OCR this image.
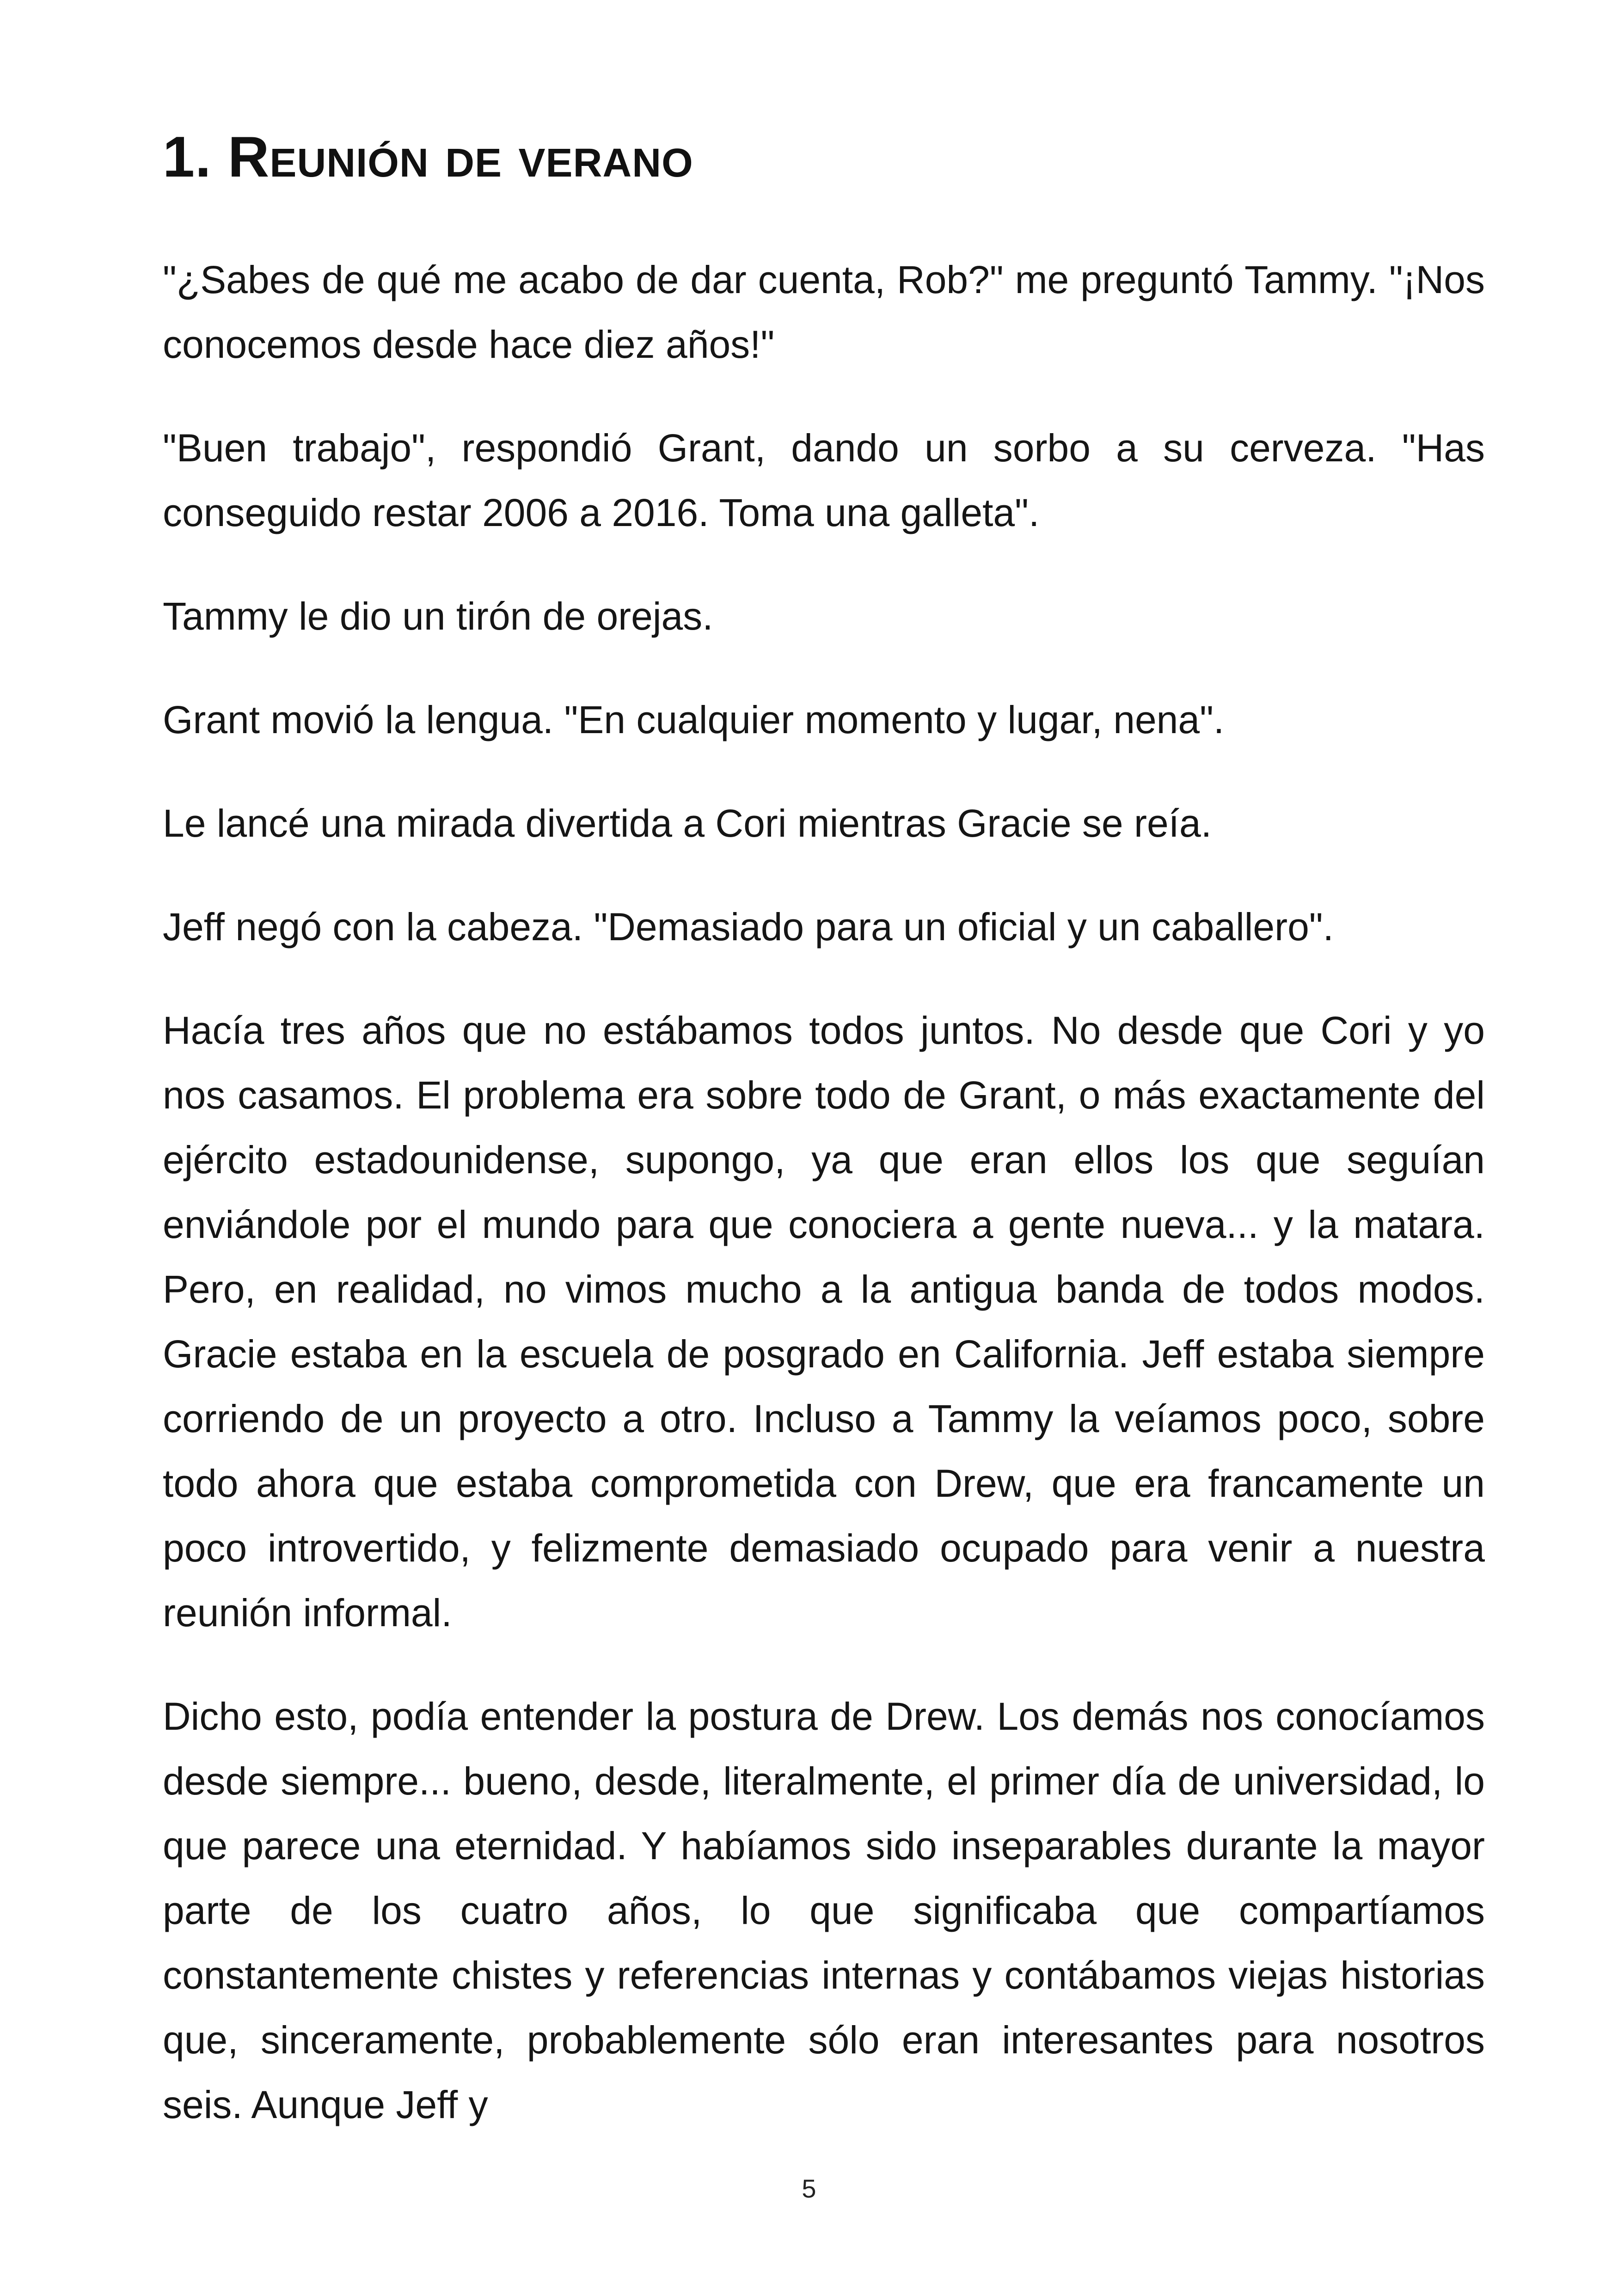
1. Reunión de verano

"¿Sabes de qué me acabo de dar cuenta, Rob?" me preguntó Tammy. "¡Nos conocemos desde hace diez años!"

"Buen trabajo", respondió Grant, dando un sorbo a su cerveza. "Has conseguido restar 2006 a 2016. Toma una galleta".

Tammy le dio un tirón de orejas.

Grant movió la lengua. "En cualquier momento y lugar, nena".

Le lancé una mirada divertida a Cori mientras Gracie se reía.

Jeff negó con la cabeza. "Demasiado para un oficial y un caballero".

Hacía tres años que no estábamos todos juntos. No desde que Cori y yo nos casamos. El problema era sobre todo de Grant, o más exactamente del ejército estadounidense, supongo, ya que eran ellos los que seguían enviándole por el mundo para que conociera a gente nueva... y la matara. Pero, en realidad, no vimos mucho a la antigua banda de todos modos. Gracie estaba en la escuela de posgrado en California. Jeff estaba siempre corriendo de un proyecto a otro. Incluso a Tammy la veíamos poco, sobre todo ahora que estaba comprometida con Drew, que era francamente un poco introvertido, y felizmente demasiado ocupado para venir a nuestra reunión informal.

Dicho esto, podía entender la postura de Drew. Los demás nos conocíamos desde siempre... bueno, desde, literalmente, el primer día de universidad, lo que parece una eternidad. Y habíamos sido inseparables durante la mayor parte de los cuatro años, lo que significaba que compartíamos constantemente chistes y referencias internas y contábamos viejas historias que, sinceramente, probablemente sólo eran interesantes para nosotros seis. Aunque Jeff y

5
